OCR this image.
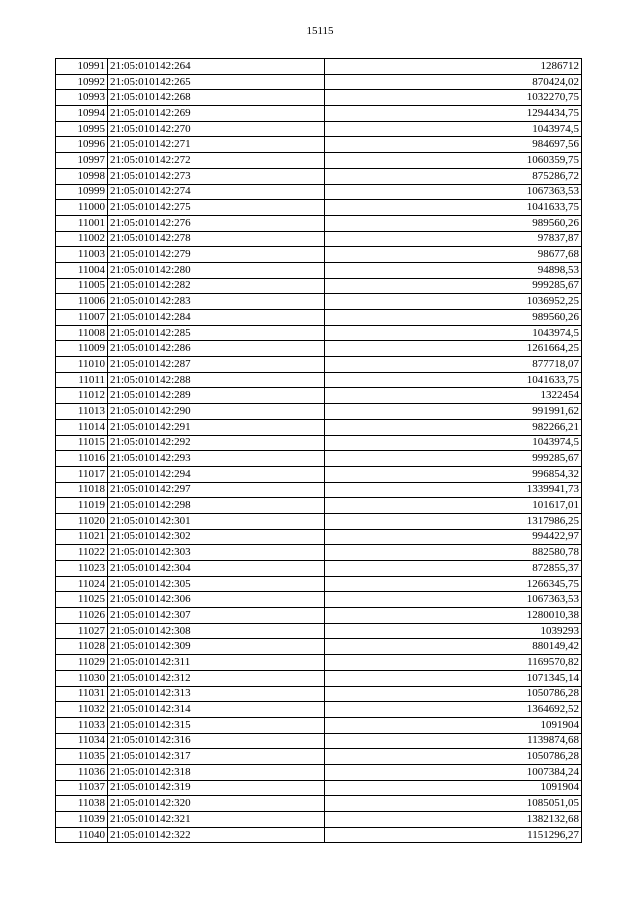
15115
10991	21:05:010142:264	1286712
10992	21:05:010142:265	870424,02
10993	21:05:010142:268	1032270,75
10994	21:05:010142:269	1294434,75
10995	21:05:010142:270	1043974,5
10996	21:05:010142:271	984697,56
10997	21:05:010142:272	1060359,75
10998	21:05:010142:273	875286,72
10999	21:05:010142:274	1067363,53
11000	21:05:010142:275	1041633,75
11001	21:05:010142:276	989560,26
11002	21:05:010142:278	97837,87
11003	21:05:010142:279	98677,68
11004	21:05:010142:280	94898,53
11005	21:05:010142:282	999285,67
11006	21:05:010142:283	1036952,25
11007	21:05:010142:284	989560,26
11008	21:05:010142:285	1043974,5
11009	21:05:010142:286	1261664,25
11010	21:05:010142:287	877718,07
11011	21:05:010142:288	1041633,75
11012	21:05:010142:289	1322454
11013	21:05:010142:290	991991,62
11014	21:05:010142:291	982266,21
11015	21:05:010142:292	1043974,5
11016	21:05:010142:293	999285,67
11017	21:05:010142:294	996854,32
11018	21:05:010142:297	1339941,73
11019	21:05:010142:298	101617,01
11020	21:05:010142:301	1317986,25
11021	21:05:010142:302	994422,97
11022	21:05:010142:303	882580,78
11023	21:05:010142:304	872855,37
11024	21:05:010142:305	1266345,75
11025	21:05:010142:306	1067363,53
11026	21:05:010142:307	1280010,38
11027	21:05:010142:308	1039293
11028	21:05:010142:309	880149,42
11029	21:05:010142:311	1169570,82
11030	21:05:010142:312	1071345,14
11031	21:05:010142:313	1050786,28
11032	21:05:010142:314	1364692,52
11033	21:05:010142:315	1091904
11034	21:05:010142:316	1139874,68
11035	21:05:010142:317	1050786,28
11036	21:05:010142:318	1007384,24
11037	21:05:010142:319	1091904
11038	21:05:010142:320	1085051,05
11039	21:05:010142:321	1382132,68
11040	21:05:010142:322	1151296,27
